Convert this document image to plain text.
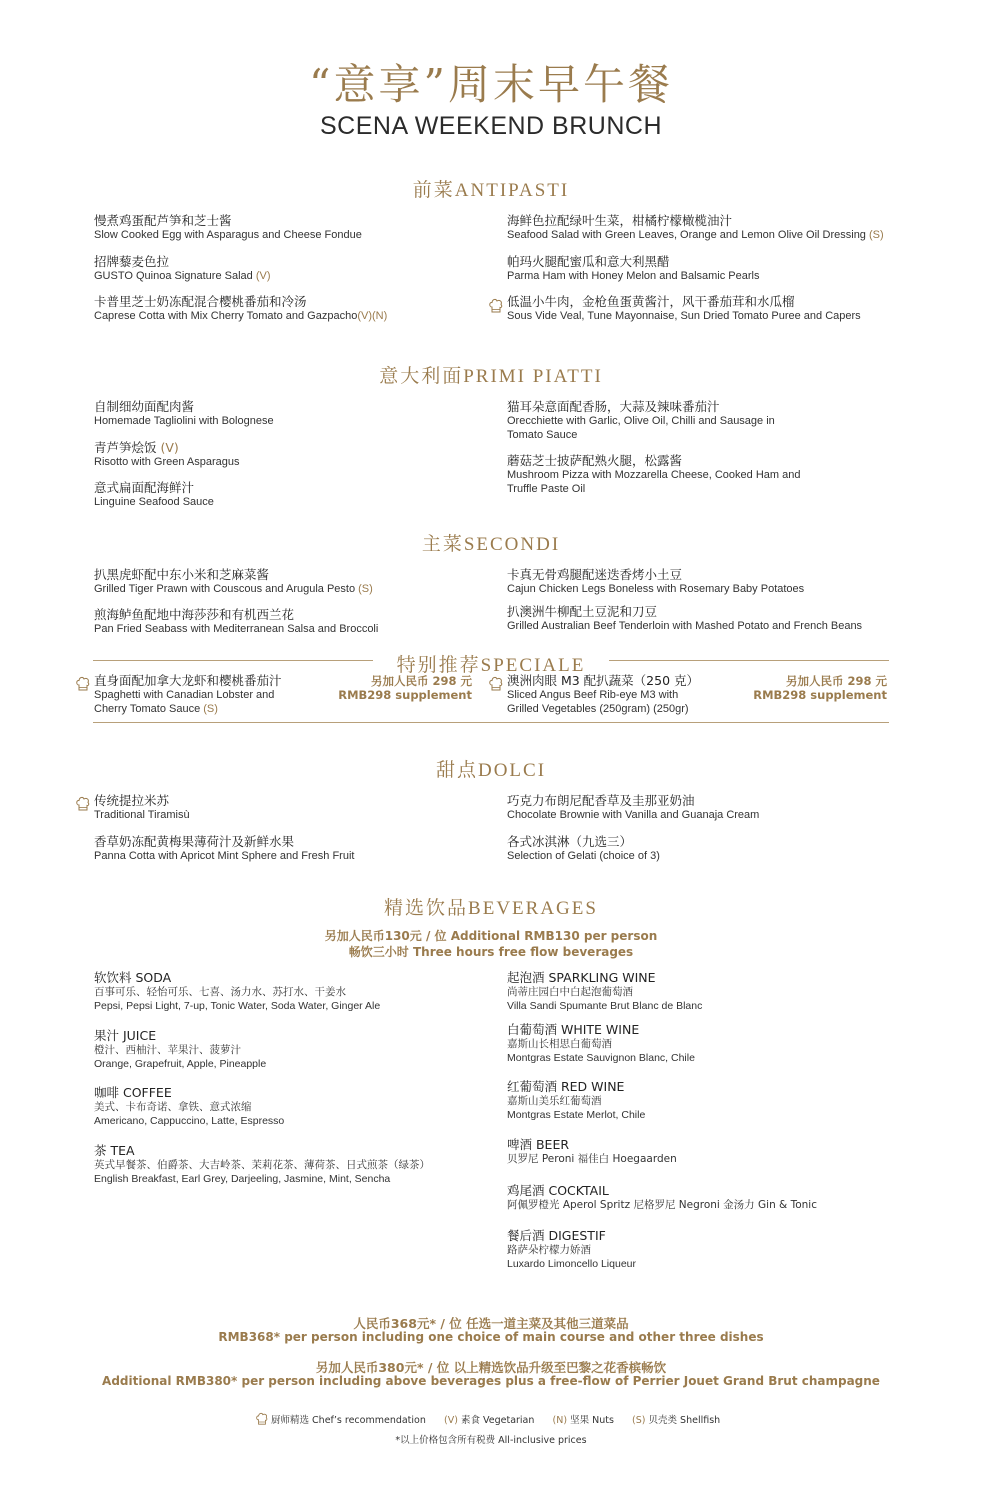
“意享”周末早午餐
SCENA WEEKEND BRUNCH
前菜ANTIPASTI
慢煮鸡蛋配芦笋和芝士酱
Slow Cooked Egg with Asparagus and Cheese Fondue
招牌藜麦色拉
GUSTO Quinoa Signature Salad (V)
卡普里芝士奶冻配混合樱桃番茄和冷汤
Caprese Cotta with Mix Cherry Tomato and Gazpacho(V)(N)
海鲜色拉配绿叶生菜，柑橘柠檬橄榄油汁
Seafood Salad with Green Leaves, Orange and Lemon Olive Oil Dressing (S)
帕玛火腿配蜜瓜和意大利黑醋
Parma Ham with Honey Melon and Balsamic Pearls
低温小牛肉，金枪鱼蛋黄酱汁，风干番茄茸和水瓜榴
Sous Vide Veal, Tune Mayonnaise, Sun Dried Tomato Puree and Capers
意大利面PRIMI PIATTI
自制细幼面配肉酱
Homemade Tagliolini with Bolognese
青芦笋烩饭 (V)
Risotto with Green Asparagus
意式扁面配海鲜汁
Linguine Seafood Sauce
猫耳朵意面配香肠，大蒜及辣味番茄汁
Orecchiette with Garlic, Olive Oil, Chilli and Sausage in
Tomato Sauce
蘑菇芝士披萨配熟火腿，松露酱
Mushroom Pizza with Mozzarella Cheese, Cooked Ham and
Truffle Paste Oil
主菜SECONDI
扒黑虎虾配中东小米和芝麻菜酱
Grilled Tiger Prawn with Couscous and Arugula Pesto (S)
煎海鲈鱼配地中海莎莎和有机西兰花
Pan Fried Seabass with Mediterranean Salsa and Broccoli
卡真无骨鸡腿配迷迭香烤小土豆
Cajun Chicken Legs Boneless with Rosemary Baby Potatoes
扒澳洲牛柳配土豆泥和刀豆
Grilled Australian Beef Tenderloin with Mashed Potato and French Beans
特别推荐SPECIALE
直身面配加拿大龙虾和樱桃番茄汁
Spaghetti with Canadian Lobster and
Cherry Tomato Sauce (S)
另加人民币 298 元
RMB298 supplement
澳洲肉眼 M3 配扒蔬菜（250 克）
Sliced Angus Beef Rib-eye M3 with
Grilled Vegetables (250gram) (250gr)
另加人民币 298 元
RMB298 supplement
甜点DOLCI
传统提拉米苏
Traditional Tiramisù
香草奶冻配黄梅果薄荷汁及新鲜水果
Panna Cotta with Apricot Mint Sphere and Fresh Fruit
巧克力布朗尼配香草及圭那亚奶油
Chocolate Brownie with Vanilla and Guanaja Cream
各式冰淇淋（九选三）
Selection of Gelati (choice of 3)
精选饮品BEVERAGES
另加人民币130元 / 位 Additional RMB130 per person
畅饮三小时 Three hours free flow beverages
软饮料 SODA
百事可乐、轻怡可乐、七喜、汤力水、苏打水、干姜水
Pepsi, Pepsi Light, 7-up, Tonic Water, Soda Water, Ginger Ale
果汁 JUICE
橙汁、西柚汁、苹果汁、菠萝汁
Orange, Grapefruit, Apple, Pineapple
咖啡 COFFEE
美式、卡布奇诺、拿铁、意式浓缩
Americano, Cappuccino, Latte, Espresso
茶 TEA
英式早餐茶、伯爵茶、大吉岭茶、茉莉花茶、薄荷茶、日式煎茶（绿茶）
English Breakfast, Earl Grey, Darjeeling, Jasmine, Mint, Sencha
起泡酒 SPARKLING WINE
尚蒂庄园白中白起泡葡萄酒
Villa Sandi Spumante Brut Blanc de Blanc
白葡萄酒 WHITE WINE
嘉斯山长相思白葡萄酒
Montgras Estate Sauvignon Blanc, Chile
红葡萄酒 RED WINE
嘉斯山美乐红葡萄酒
Montgras Estate Merlot, Chile
啤酒 BEER
贝罗尼 Peroni 福佳白 Hoegaarden
鸡尾酒 COCKTAIL
阿佩罗橙光 Aperol Spritz 尼格罗尼 Negroni 金汤力 Gin & Tonic
餐后酒 DIGESTIF
路萨朵柠檬力娇酒
Luxardo Limoncello Liqueur
人民币368元* / 位 任选一道主菜及其他三道菜品
RMB368* per person including one choice of main course and other three dishes
另加人民币380元* / 位 以上精选饮品升级至巴黎之花香槟畅饮
Additional RMB380* per person including above beverages plus a free-flow of Perrier Jouet Grand Brut champagne
厨师精选 Chef’s recommendation (V) 素食 Vegetarian (N) 坚果 Nuts (S) 贝壳类 Shellfish
*以上价格包含所有税费 All-inclusive prices
